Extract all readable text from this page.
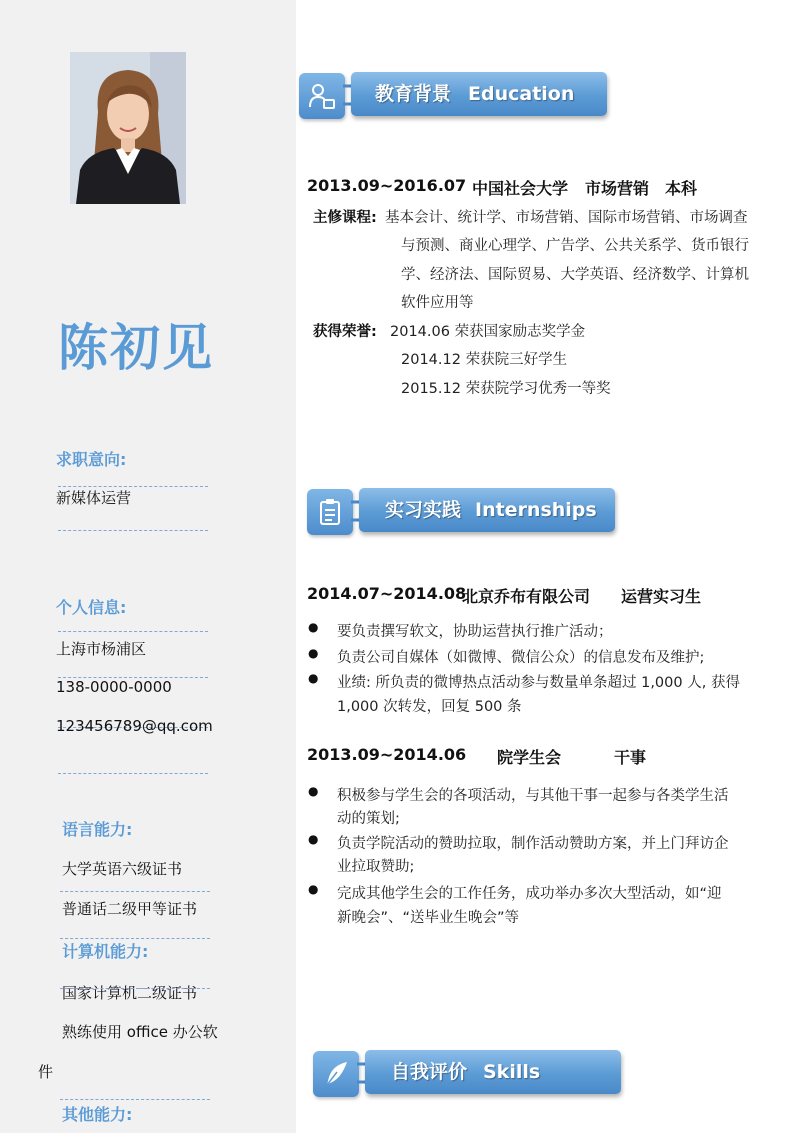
陈初见
求职意向:
新媒体运营
个人信息:
上海市杨浦区
138-0000-0000
123456789@qq.com
语言能力:
大学英语六级证书
普通话二级甲等证书
计算机能力:
国家计算机二级证书
熟练使用 office 办公软
件
其他能力:
教育背景 Education
2013.09~2016.07 中国社会大学 市场营销 本科
主修课程: 基本会计、统计学、市场营销、国际市场营销、市场调查
与预测、商业心理学、广告学、公共关系学、货币银行
学、经济法、国际贸易、大学英语、经济数学、计算机
软件应用等
获得荣誉: 2014.06 荣获国家励志奖学金
2014.12 荣获院三好学生
2015.12 荣获院学习优秀一等奖
实习实践 Internships
2014.07~2014.08
北京乔布有限公司 运营实习生
● 要负责撰写软文，协助运营执行推广活动；
● 负责公司自媒体（如微博、微信公众）的信息发布及维护;
● 业绩: 所负责的微博热点活动参与数量单条超过 1,000 人, 获得
1,000 次转发，回复 500 条
2013.09~2014.06 院学生会	干事
● 积极参与学生会的各项活动，与其他干事一起参与各类学生活
动的策划;
● 负责学院活动的赞助拉取，制作活动赞助方案，并上门拜访企
业拉取赞助;
● 完成其他学生会的工作任务，成功举办多次大型活动，如“迎
新晚会”、“送毕业生晚会”等
自我评价 Skills
